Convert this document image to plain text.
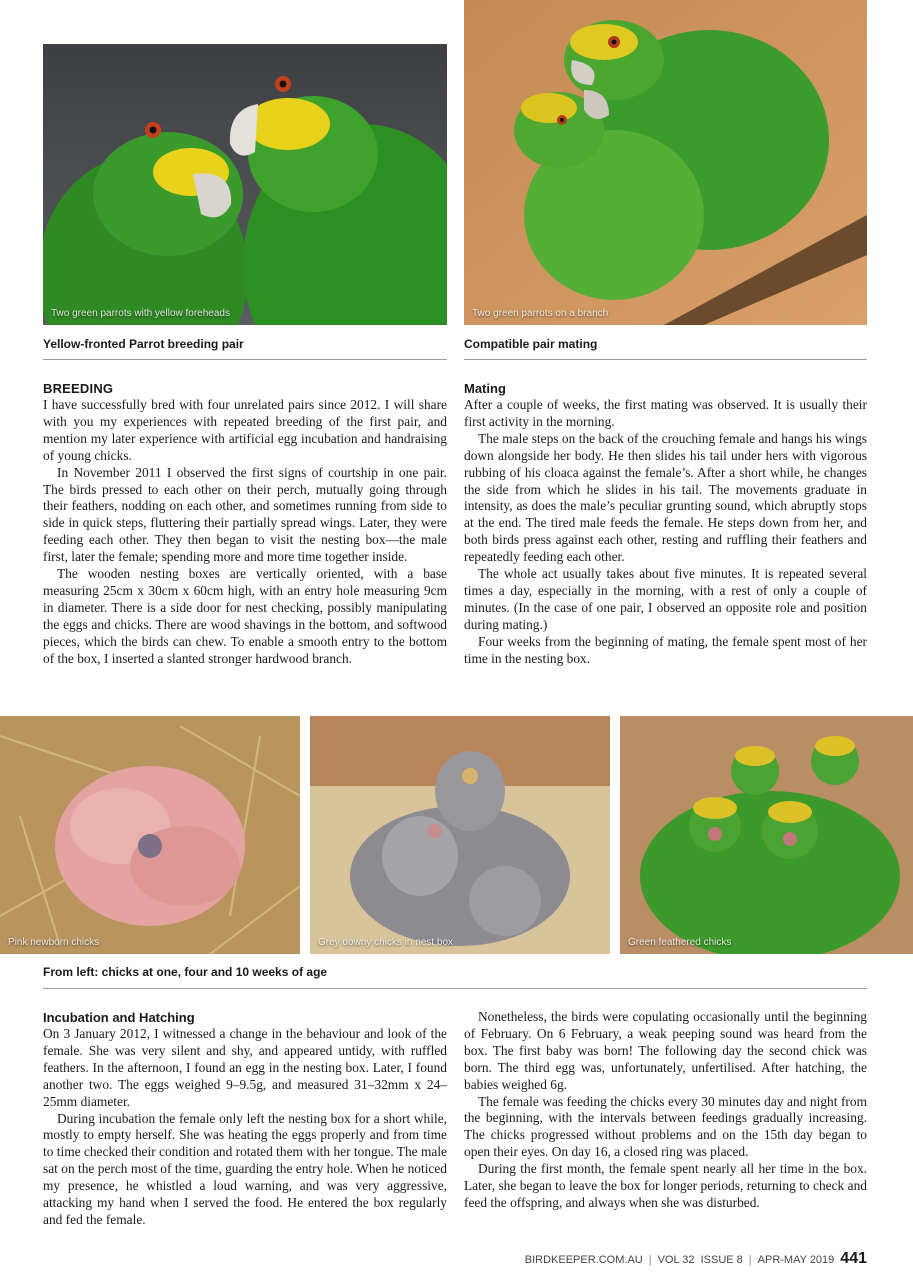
Two green parrots with yellow foreheads	Two green parrots on a branch
Yellow-fronted Parrot breeding pair	Compatible pair mating
BREEDING

I have successfully bred with four unrelated pairs since 2012. I will share with you my experiences with repeated breeding of the first pair, and mention my later experience with artificial egg incubation and handraising of young chicks.

In November 2011 I observed the first signs of courtship in one pair. The birds pressed to each other on their perch, mutually going through their feathers, nodding on each other, and sometimes running from side to side in quick steps, fluttering their partially spread wings. Later, they were feeding each other. They then began to visit the nesting box—the male first, later the female; spending more and more time together inside.

The wooden nesting boxes are vertically oriented, with a base measuring 25cm x 30cm x 60cm high, with an entry hole measuring 9cm in diameter. There is a side door for nest checking, possibly manipulating the eggs and chicks. There are wood shavings in the bottom, and softwood pieces, which the birds can chew. To enable a smooth entry to the bottom of the box, I inserted a slanted stronger hardwood branch.

Mating

After a couple of weeks, the first mating was observed. It is usually their first activity in the morning.

The male steps on the back of the crouching female and hangs his wings down alongside her body. He then slides his tail under hers with vigorous rubbing of his cloaca against the female’s. After a short while, he changes the side from which he slides in his tail. The movements graduate in intensity, as does the male’s peculiar grunting sound, which abruptly stops at the end. The tired male feeds the female. He steps down from her, and both birds press against each other, resting and ruffling their feathers and repeatedly feeding each other.

The whole act usually takes about five minutes. It is repeated several times a day, especially in the morning, with a rest of only a couple of minutes. (In the case of one pair, I observed an opposite role and position during mating.)

Four weeks from the beginning of mating, the female spent most of her time in the nesting box.

Pink newborn chicks	Grey downy chicks in nest box	Green feathered chicks
From left: chicks at one, four and 10 weeks of age
Incubation and Hatching

On 3 January 2012, I witnessed a change in the behaviour and look of the female. She was very silent and shy, and appeared untidy, with ruffled feathers. In the afternoon, I found an egg in the nesting box. Later, I found another two. The eggs weighed 9–9.5g, and measured 31–32mm x 24–25mm diameter.

During incubation the female only left the nesting box for a short while, mostly to empty herself. She was heating the eggs properly and from time to time checked their condition and rotated them with her tongue. The male sat on the perch most of the time, guarding the entry hole. When he noticed my presence, he whistled a loud warning, and was very aggressive, attacking my hand when I served the food. He entered the box regularly and fed the female.

Nonetheless, the birds were copulating occasionally until the beginning of February. On 6 February, a weak peeping sound was heard from the box. The first baby was born! The following day the second chick was born. The third egg was, unfortunately, unfertilised. After hatching, the babies weighed 6g.

The female was feeding the chicks every 30 minutes day and night from the beginning, with the intervals between feedings gradually increasing. The chicks progressed without problems and on the 15th day began to open their eyes. On day 16, a closed ring was placed.

During the first month, the female spent nearly all her time in the box. Later, she began to leave the box for longer periods, returning to check and feed the offspring, and always when she was disturbed.

BIRDKEEPER.COM.AU | VOL 32  ISSUE 8 | APR-MAY 2019 441
